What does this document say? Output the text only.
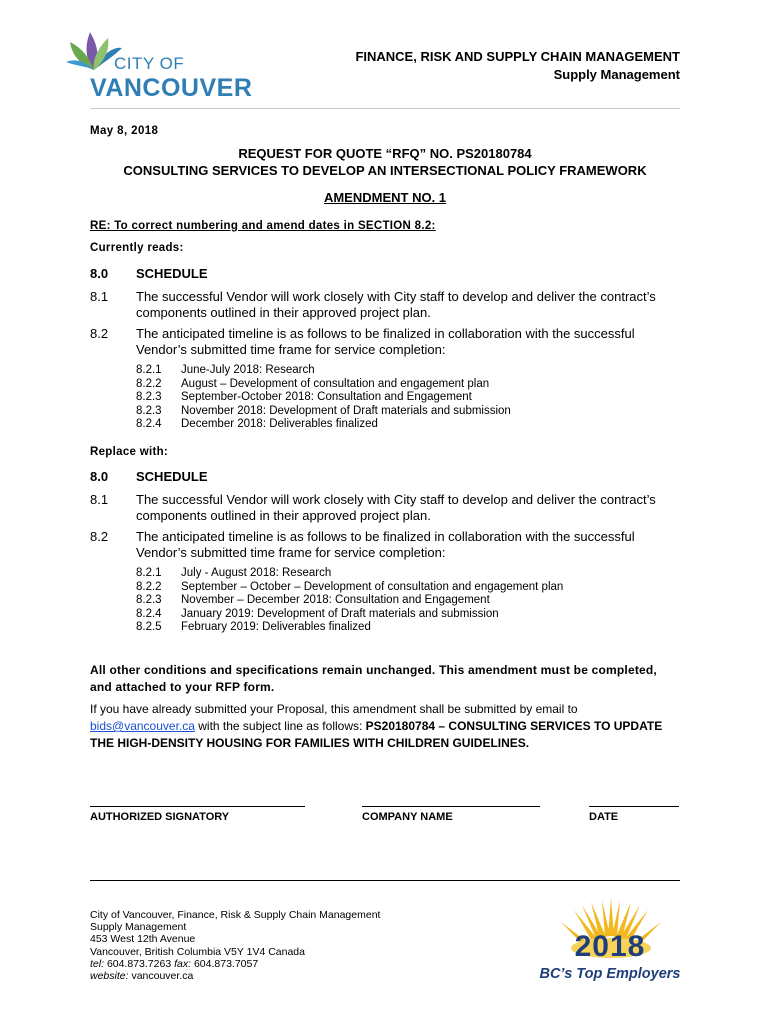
CITY OF
VANCOUVER
FINANCE, RISK AND SUPPLY CHAIN MANAGEMENT
Supply Management
May 8, 2018
REQUEST FOR QUOTE “RFQ” NO. PS20180784
CONSULTING SERVICES TO DEVELOP AN INTERSECTIONAL POLICY FRAMEWORK
AMENDMENT NO. 1
RE: To correct numbering and amend dates in SECTION 8.2:
Currently reads:
8.0 SCHEDULE
8.1 The successful Vendor will work closely with City staff to develop and deliver the contract’s components outlined in their approved project plan.
8.2 The anticipated timeline is as follows to be finalized in collaboration with the successful Vendor’s submitted time frame for service completion:
8.2.1 June-July 2018: Research
8.2.2 August – Development of consultation and engagement plan
8.2.3 September-October 2018: Consultation and Engagement
8.2.3 November 2018: Development of Draft materials and submission
8.2.4 December 2018: Deliverables finalized
Replace with:
8.0 SCHEDULE
8.1 The successful Vendor will work closely with City staff to develop and deliver the contract’s components outlined in their approved project plan.
8.2 The anticipated timeline is as follows to be finalized in collaboration with the successful Vendor’s submitted time frame for service completion:
8.2.1 July - August 2018: Research
8.2.2 September – October – Development of consultation and engagement plan
8.2.3 November – December 2018: Consultation and Engagement
8.2.4 January 2019: Development of Draft materials and submission
8.2.5 February 2019: Deliverables finalized
All other conditions and specifications remain unchanged. This amendment must be completed, and attached to your RFP form.
If you have already submitted your Proposal, this amendment shall be submitted by email to bids@vancouver.ca with the subject line as follows: PS20180784 – CONSULTING SERVICES TO UPDATE THE HIGH-DENSITY HOUSING FOR FAMILIES WITH CHILDREN GUIDELINES.
AUTHORIZED SIGNATORY	COMPANY NAME	DATE
City of Vancouver, Finance, Risk & Supply Chain Management
Supply Management
453 West 12th Avenue
Vancouver, British Columbia V5Y 1V4 Canada
tel: 604.873.7263 fax: 604.873.7057
website: vancouver.ca
2018
BC’s Top Employers
